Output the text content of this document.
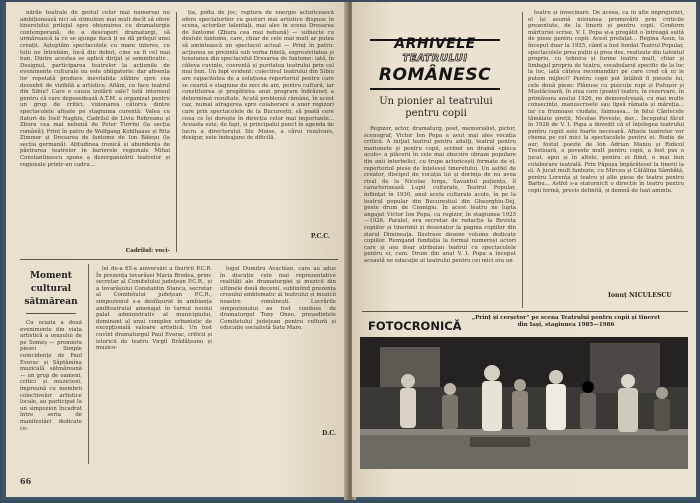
närile teatrale de gestul celor mai numeroși nu ambiționează nici să stimuleze mai mult decît să ofere tineretului prilejul spre obișnuirea cu dramaturgia contemporană, de a descoperi dramaturgi, să urmărească la ce se ajunge dacă ți se dă prilejul unei creații. Așteptăm spectacolele cu mare interes, cu toții ne întrebăm, încă din debut, cine va fi cel mai bun. Dintre acestea se aplică dirijat și semnificativ... Designul, participarea teatrelor la acțiunile de evenimente culturale nu este obligatorie: dar absența lor repetată produce inevitabila slăbire spre cea deosebit de vizibilă a artistice. Aflăm, ce face teatrul din Sibiu? Care e cauza izolării sale? Iată interesul pentru că care deposedează A.T.M. a organizat pentru un grup de critici, vizionarea câtorva dintre spectacolele afișate pe stagiunea curentă: Valea cu flaturi de Iosif Naghiu, Cadrilul de Liviu Rebreanu și Zbura cea mai nebună de Peter Turrini (la secția română); Prinț în patru de Wolfgang Kohlhaase și Rita Zimmer și Dresarea de fantome de Ion Băieșu (la secția germană). Atitudinea ironică și abundența de păstrarea teatrelor în barierele regionale Mihai Constantinescu spune a dezorganizării teatrelor și regionale printr-un cadru...

Cadrilul: voci-

ția, pofta de joc, ruptura de energie actoricească ofere spectatorilor cu gusturi mai artistice dispuse în scena, actorilor talentați, mai ales în scena Dresarea de fantome (Zbura cea mai nebună) — subiecte cu destule fantome, care, chiar de cele mai mult ar putea să amintească un spectacol actual — Prinț în patru: acțiunea se prezintă sub vorba fidelă, expresivitatea și tensiunea din spectacolul Dresarea de fantome: iată, în câteva cuvinte, coerentă și puritatea teatrului prin cel mai bun. Un fapt evident: colectivul teatrului din Sibiu are capacitatea de a soluționa repertoriul pentru care se ceartă o stagiune de zeci de ani, pentru cultură, iar constituirea și pregătirea unui program îndrăzneț a determinat rezultate. Acută problemă rămâne, în acest caz, numai atragerea spre colaborare a unor regizori care prin spectacolele de la Bucureștii, să poată cere ceea ce își dorește în direcția celor mai importante... Aceasta este, de fapt, și principalul punct în agenda de lucru a directorului Ilie Moise, a cărui rezolvare, desigur, este îndeajuns de dificilă.

P.C.C.
Moment cultural sătmărean

Cu ocazia a două evenimente din viața artistică a orașului de pe Someș — premiera piesei Simple coincidențe de Paul Everac și Săptămîna muzicală sătmăreană — un grup de oameni, critici și muzicieni, împreună cu membrii colectivelor artistice locale, au participat la un simpozion încadrat între seria de manifestări dedicate ce-

lei de-a 65-a aniversări a făuririi P.C.R. În prezența tovarășei Maria Brodea, prim-secretar al Comitetului județean P.C.R., și a tovarășului Constantin Stanca, secretar al Comitetului județean P.C.R., simpozionul s-a desfășurat în ambianța amfiteatrului amenajat în turnul noului palat administrativ al municipiului, dominant al unui complex urbanistic de excepțională valoare artistică. Un fost cuvînt dramaturgul Paul Everac, criticii și istoricii de teatru Virgil Brădățeanu și muzico-

logul Dumitru Avachian, care au adus în discuție cele mai reprezentative realități ale dramaturgiei și muzicii din ultimele două decenii, subliniind prezența crosului emblematic al teatrului și muzicii noastre românești. Lucrările simpozionului au fost conduse de dramaturgul Tony Oneo, președintele Comitetului județean pentru cultură și educație socialistă Satu Mare.

D.C.
66
ARHIVELE
TEATRULUI
ROMÂNESC
Un pionier al teatrului pentru copii

Regizor, actor, dramaturg, poet, memorialist, pictor, scenograf, Victor Ion Popa a avut mai ales vocația criticii. A iniţiat teatrul pentru adulţi, teatrul pentru marionete și pentru copii, scriind un dramă «pleca acolo» a plăcerii în cele mai obscure obraze populare din anii interbelici, cu trupe actoricești formate de el, repertoriul piese de înțelesul tineretului. Un astfel de creator, discipol de vocația lui și dorinţa de nu avea rival de la Nicolae Iorga, Savantul pațiența, îl caracterizează Lupii culturale, Teatrul Popular, înființat în 1930, anul acela culturale acolo, în pe la teatrul popular din Bucureștiul din Gheorghiu-Dej, peste drum de Cișmigiu. În acest teatru ne lupta angajat Victor Ion Popa, ca regizor, în stagiunea 1925—1926. Paralel, era secretar de redacție la Revista copiilor și tinerimii și desenator la pagina copiilor din ziarul Dimineaţa. Ilustrase desene volume dedicate copiilor. Remijand fundația la formal numeroși actori care și așa doar atribuiau teatrul cu spectacolele pentru ei, cum. Drum din anul V. I. Popa a început această ne educație al teatrului pentru cei mici era un

teatru și învecinare. De aceea, ca în alte împrejurări, el își asumă misiunea promovării prin criticile prezentate, de la tinerii și pentru copii. Conform mărturiei scrise, V. I. Popa și-a pregătit o întreagă suită de piese pentru copii: Acest prefațat... Regina Asun, la început doar la 1925, când a fost fondat Teatrul Popular, spectacolele prea puțin și prea des, realizate din talentul propriu, cu tehnica și forme teatru mult, chiar și limbajul propriu de teatru, vocabularul specific de la loc la loc, iată câteva recomandări pe care cred că ni le putem mijloci? Pentru copii pot întâlnii fi piesele lui, cele două piese: Plănuse cu pisicuțe rupi și Pufușor și Mustăcioară, în ziua care (poate) teatru, în rezervare, în primăvara anului 1926, ne demonstrează, cu mai multe consecințe, manuscrisele sau lipsă râmata și măreția... iar cu frumoase ciudate, faimoasa... în felul Cântecele tămâiate șireții, Nicolae Poveste, dar... Începutul făcut în 1926 de V. I. Popa a dovedit că el înțelegea teatrului pentru copiii este foarte necesară. Afișele teatrelor vor chema pe cei mici la spectacolele pentru ei. Rodie de aur, fostul poezie de Ion Adrian Maniu și Ridicol Trestioară, o poveste mult pentru copii, a fost pus o jucat, apoi și în altele, pentru ei fiind, o mai bun colaborare teatrală. Prin Păpușa împărătesei la tinerii la el. A jucat mult fantezie, cu Mircea și Cătălina Sâmbătă, pentru Lorența și teatru și alte piese de teatru pentru Barbu... Astfel s-a statornicit o direcție în teatru pentru copii fermă, precis definită, și demnă de luat aminte.

Ionuț NICULESCU
FOTOCRONICĂ
„Prinț și cerșetor” pe scena Teatrului pentru copii și tineret din Iași, stagiunea 1985—1986
